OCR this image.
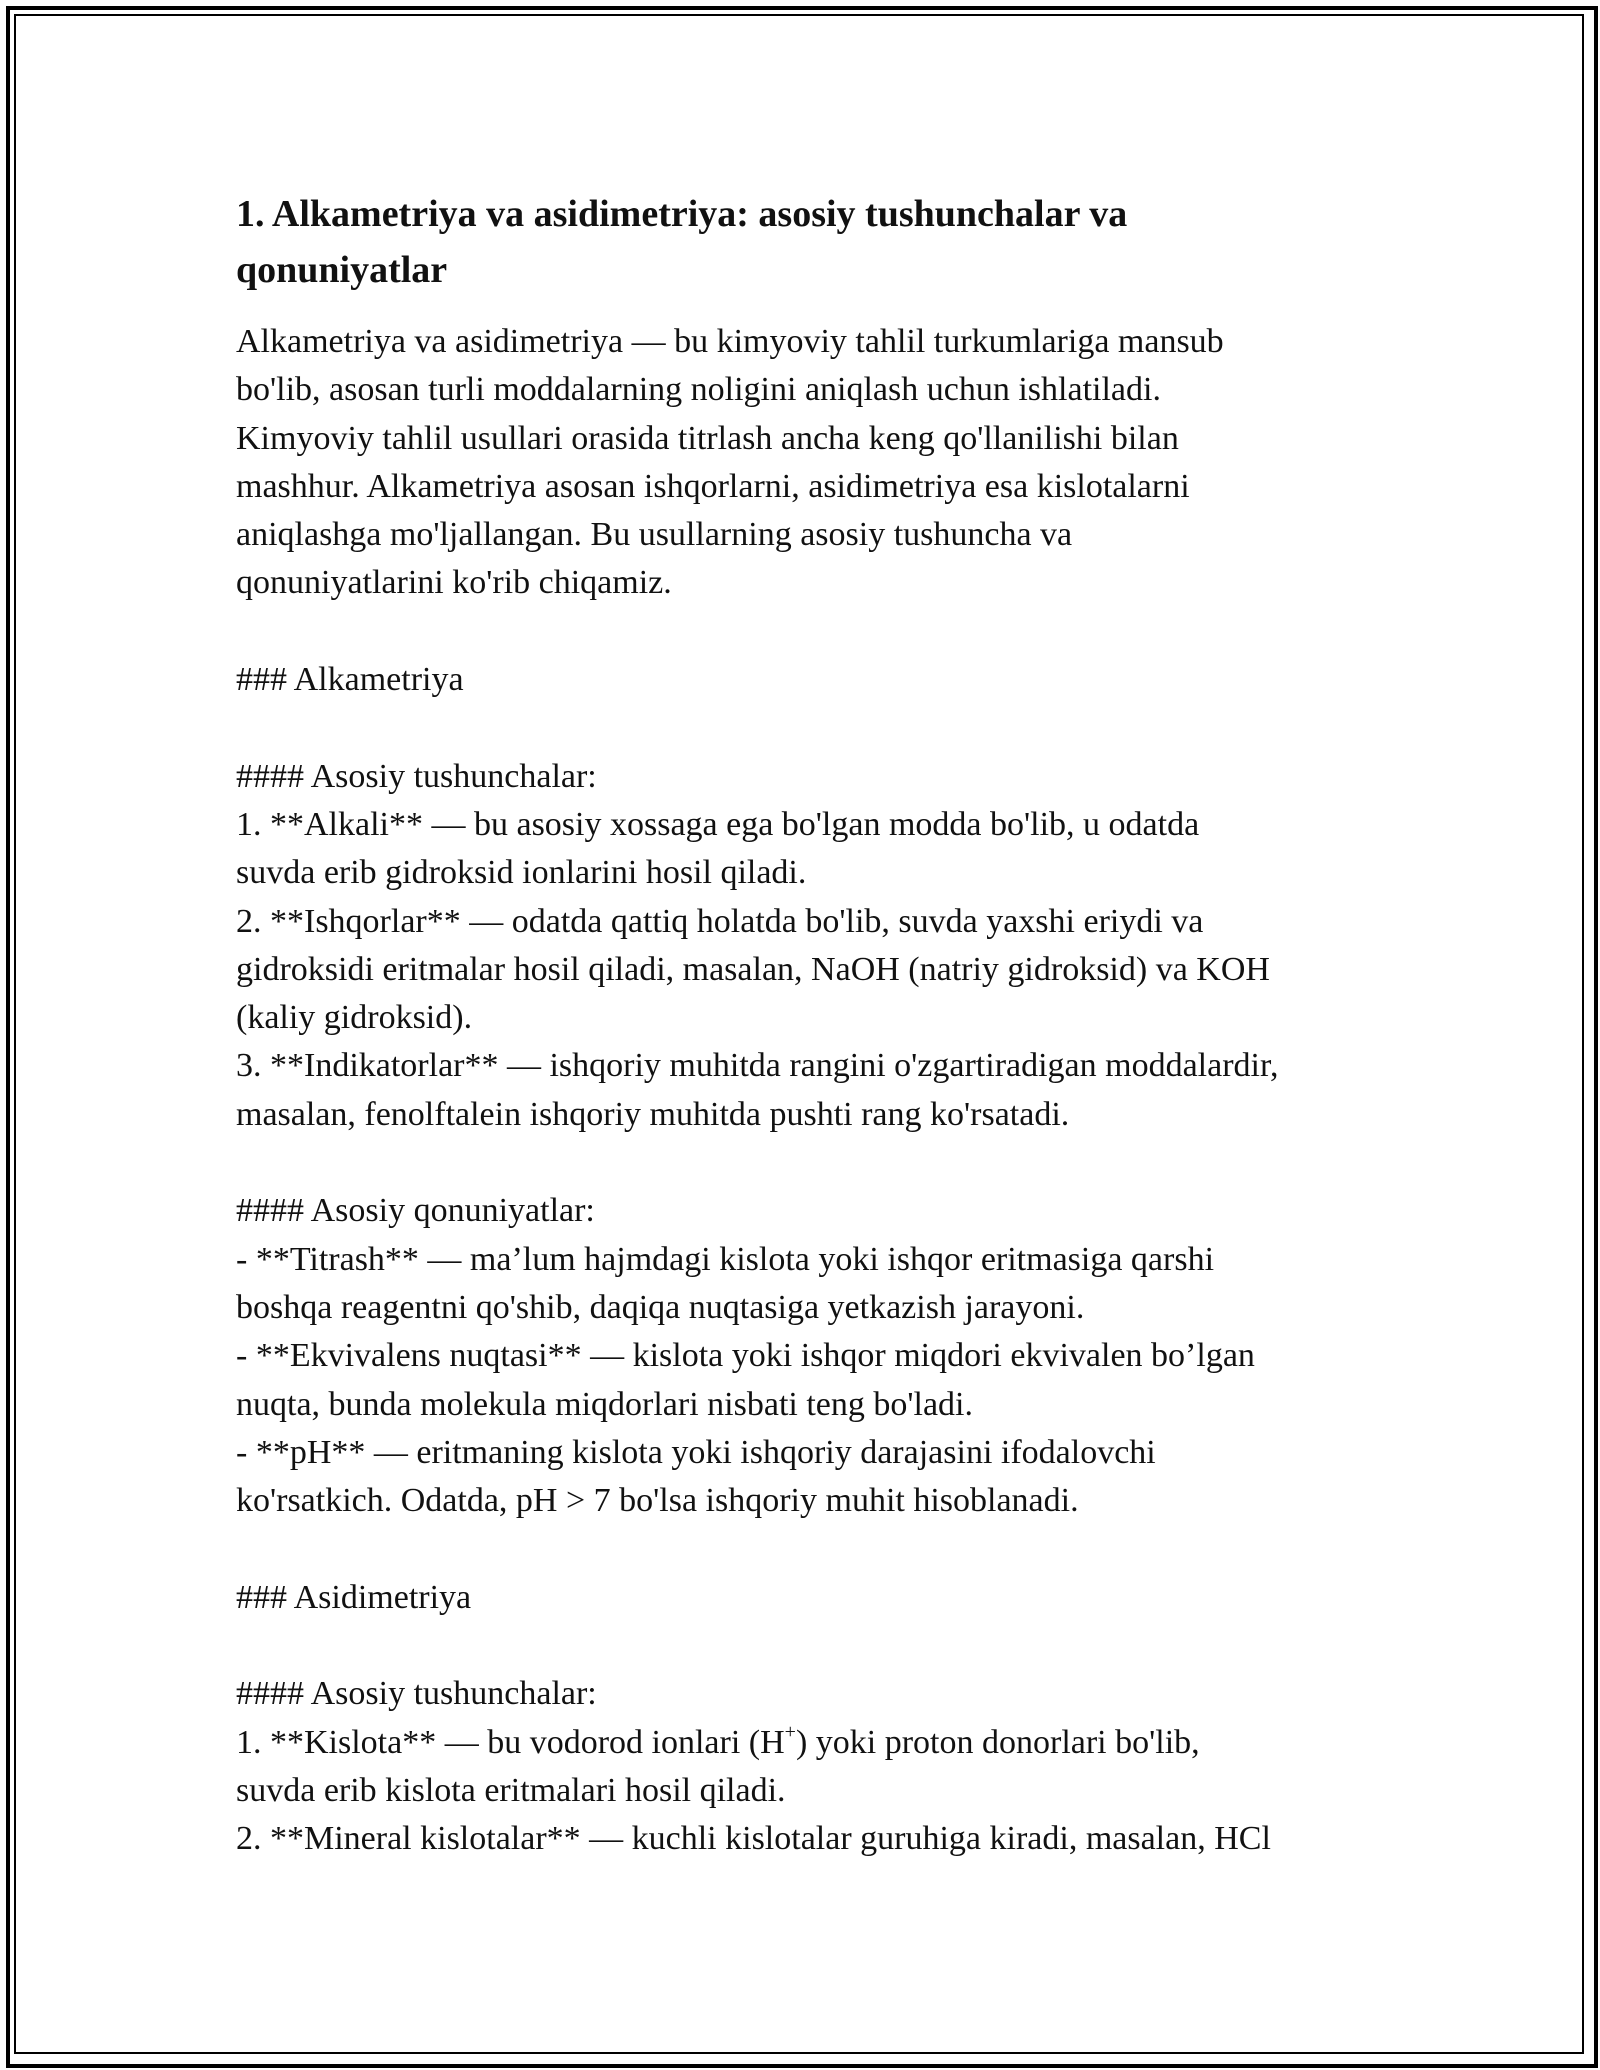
1. Alkametriya va asidimetriya: asosiy tushunchalar va
qonuniyatlar

Alkametriya va asidimetriya — bu kimyoviy tahlil turkumlariga mansub

bo'lib, asosan turli moddalarning noligini aniqlash uchun ishlatiladi.

Kimyoviy tahlil usullari orasida titrlash ancha keng qo'llanilishi bilan

mashhur. Alkametriya asosan ishqorlarni, asidimetriya esa kislotalarni

aniqlashga mo'ljallangan. Bu usullarning asosiy tushuncha va

qonuniyatlarini ko'rib chiqamiz.

### Alkametriya

#### Asosiy tushunchalar:

1. **Alkali** — bu asosiy xossaga ega bo'lgan modda bo'lib, u odatda

suvda erib gidroksid ionlarini hosil qiladi.

2. **Ishqorlar** — odatda qattiq holatda bo'lib, suvda yaxshi eriydi va

gidroksidi eritmalar hosil qiladi, masalan, NaOH (natriy gidroksid) va KOH

(kaliy gidroksid).

3. **Indikatorlar** — ishqoriy muhitda rangini o'zgartiradigan moddalardir,

masalan, fenolftalein ishqoriy muhitda pushti rang ko'rsatadi.

#### Asosiy qonuniyatlar:

- **Titrash** — ma’lum hajmdagi kislota yoki ishqor eritmasiga qarshi

boshqa reagentni qo'shib, daqiqa nuqtasiga yetkazish jarayoni.

- **Ekvivalens nuqtasi** — kislota yoki ishqor miqdori ekvivalen bo’lgan

nuqta, bunda molekula miqdorlari nisbati teng bo'ladi.

- **pH** — eritmaning kislota yoki ishqoriy darajasini ifodalovchi

ko'rsatkich. Odatda, pH > 7 bo'lsa ishqoriy muhit hisoblanadi.

### Asidimetriya

#### Asosiy tushunchalar:

1. **Kislota** — bu vodorod ionlari (H+) yoki proton donorlari bo'lib,

suvda erib kislota eritmalari hosil qiladi.

2. **Mineral kislotalar** — kuchli kislotalar guruhiga kiradi, masalan, HCl
